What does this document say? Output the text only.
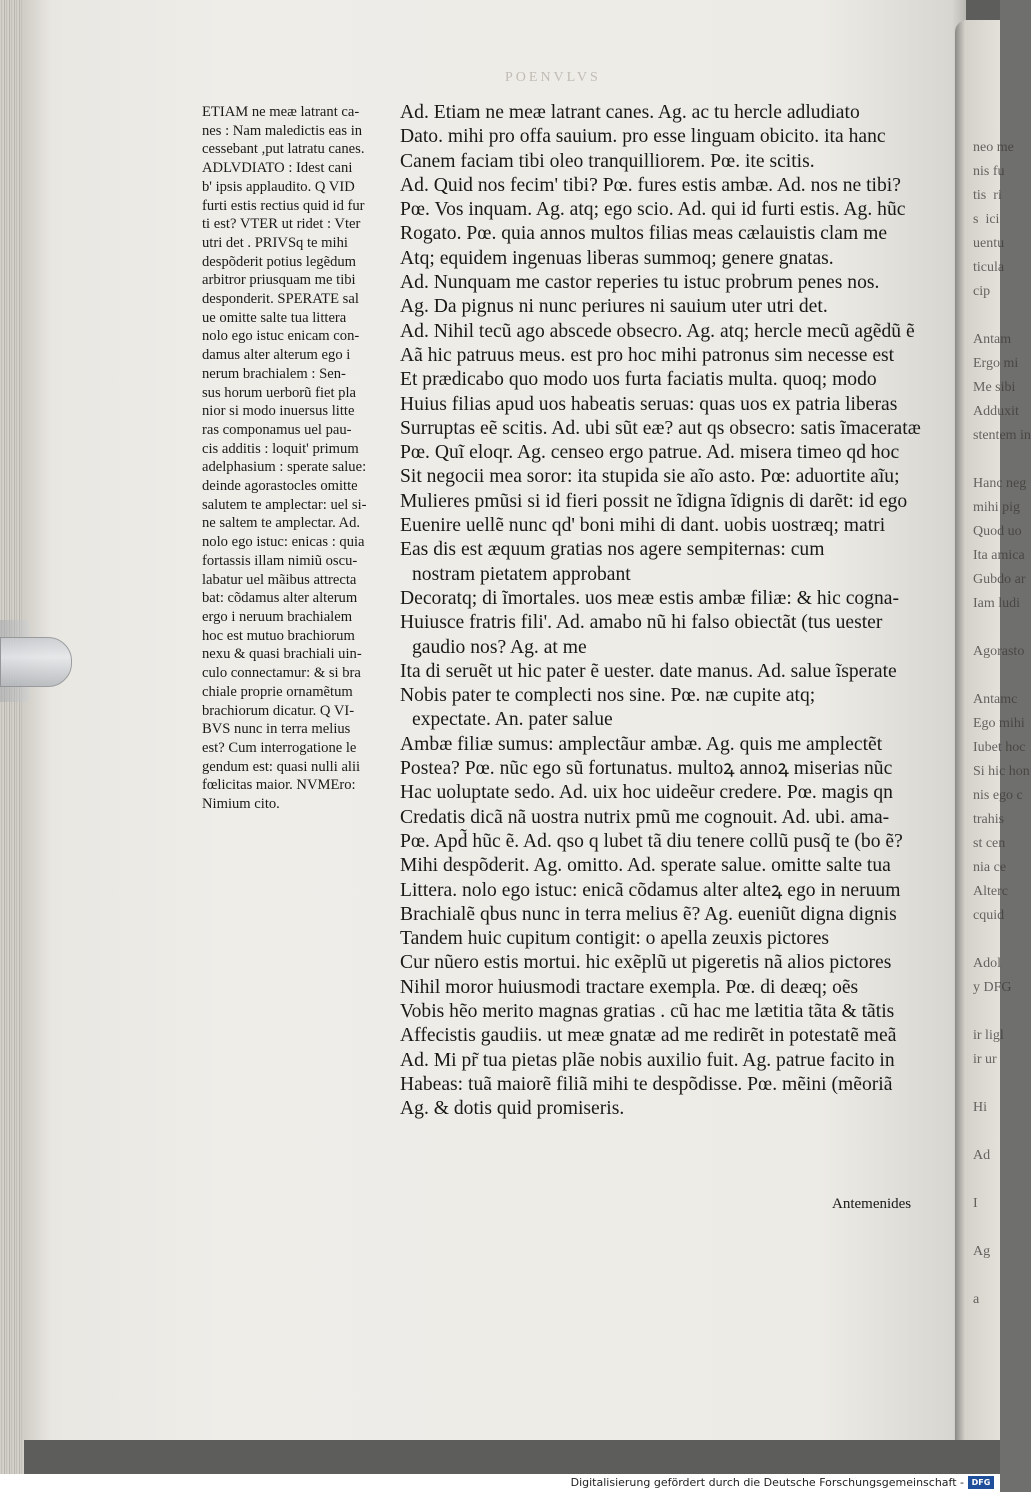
POENVLVS
ETIAM ne meæ latrant ca-
nes : Nam maledictis eas in
cessebant ,put latratu canes.
ADLVDIATO : Idest cani
b' ipsis applaudito. Q VID
furti estis rectius quid id fur
ti est? VTER ut ridet : Vter
utri det . PRIVSq te mihi
despõderit potius legẽdum
arbitror priusquam me tibi
desponderit. SPERATE sal
ue omitte salte tua littera
nolo ego istuc enicam con-
damus alter alterum ego i
nerum brachialem : Sen-
sus horum uerborũ fiet pla
nior si modo inuersus litte
ras componamus uel pau-
cis additis : loquit' primum
adelphasium : sperate salue:
deinde agorastocles omitte
salutem te amplectar: uel si-
ne saltem te amplectar. Ad.
nolo ego istuc: enicas : quia
fortassis illam nimiũ oscu-
labatur uel mãibus attrecta
bat: cõdamus alter alterum
ergo i neruum brachialem
hoc est mutuo brachiorum
nexu & quasi brachiali uin-
culo connectamur: & si bra
chiale proprie ornamẽtum
brachiorum dicatur. Q VI-
BVS nunc in terra melius
est? Cum interrogatione le
gendum est: quasi nulli alii
fœlicitas maior. NVMEro:
Nimium cito.
Ad. Etiam ne meæ latrant canes. Ag. ac tu hercle adludiato
Dato. mihi pro offa sauium. pro esse linguam obicito. ita hanc
Canem faciam tibi oleo tranquilliorem. Pœ. ite scitis.
Ad. Quid nos fecim' tibi? Pœ. fures estis ambæ. Ad. nos ne tibi?
Pœ. Vos inquam. Ag. atq; ego scio. Ad. qui id furti estis. Ag. hũc
Rogato. Pœ. quia annos multos filias meas cælauistis clam me
Atq; equidem ingenuas liberas summoq; genere gnatas.
Ad. Nunquam me castor reperies tu istuc probrum penes nos.
Ag. Da pignus ni nunc periures ni sauium uter utri det.
Ad. Nihil tecũ ago abscede obsecro. Ag. atq; hercle mecũ agẽdũ ẽ
Aã hic patruus meus. est pro hoc mihi patronus sim necesse est
Et prædicabo quo modo uos furta faciatis multa. quoq; modo
Huius filias apud uos habeatis seruas: quas uos ex patria liberas
Surruptas eẽ scitis. Ad. ubi sũt eæ? aut qs obsecro: satis ĩmaceratæ
Pœ. Quĩ eloqr. Ag. censeo ergo patrue. Ad. misera timeo qd hoc
Sit negocii mea soror: ita stupida sie aĩo asto. Pœ: aduortite aĩu;
Mulieres pmũsi si id fieri possit ne ĩdigna ĩdignis di darẽt: id ego
Euenire uellẽ nunc qd' boni mihi di dant. uobis uostræq; matri
Eas dis est æquum gratias nos agere sempiternas: cum
nostram pietatem approbant
Decoratq; di ĩmortales. uos meæ estis ambæ filiæ: & hic cogna-
Huiusce fratris fili'. Ad. amabo nũ hi falso obiectãt (tus uester
gaudio nos? Ag. at me
Ita di seruẽt ut hic pater ẽ uester. date manus. Ad. salue ĩsperate
Nobis pater te complecti nos sine. Pœ. næ cupite atq;
expectate. An. pater salue
Ambæ filiæ sumus: amplectãur ambæ. Ag. quis me amplectẽt
Postea? Pœ. nũc ego sũ fortunatus. multoꝝ annoꝝ miserias nũc
Hac uoluptate sedo. Ad. uix hoc uideẽur credere. Pœ. magis qn
Credatis dicã nã uostra nutrix pmũ me cognouit. Ad. ubi. ama-
Pœ. Apd̃ hũc ẽ. Ad. qso q lubet tã diu tenere collũ pusq̃ te (bo ẽ?
Mihi despõderit. Ag. omitto. Ad. sperate salue. omitte salte tua
Littera. nolo ego istuc: enicã cõdamus alter alteꝝ ego in neruum
Brachialẽ qbus nunc in terra melius ẽ? Ag. eueniũt digna dignis
Tandem huic cupitum contigit: o apella zeuxis pictores
Cur nũero estis mortui. hic exẽplũ ut pigeretis nã alios pictores
Nihil moror huiusmodi tractare exempla. Pœ. di deæq; oẽs
Vobis hẽo merito magnas gratias . cũ hac me lætitia tãta & tãtis
Affecistis gaudiis. ut meæ gnatæ ad me redirẽt in potestatẽ meã
Ad. Mi pr̃ tua pietas plãe nobis auxilio fuit. Ag. patrue facito in
Habeas: tuã maiorẽ filiã mihi te despõdisse. Pœ. mẽini (mẽoriã
Ag. & dotis quid promiseris.
Antemenides
neo me
nis fu
tis  ri
s  ici
uentu
ticula
cip

Antam
Ergo mi
Me sibi
Adduxit
stentem in

Hanc neg
mihi pig
Quod uo
Ita amica
Gubdo ar
Iam ludi

Agorasto

Antamc
Ego mihi
Iubet hoc
Si hic hon
nis ego c
trahis
st cen
nia ce
Alterc
cquid

Adol
y DFG

ir ligl
ir ur

Hi

Ad

I

Ag

a
Digitalisierung gefördert durch die Deutsche Forschungsgemeinschaft - DFG
